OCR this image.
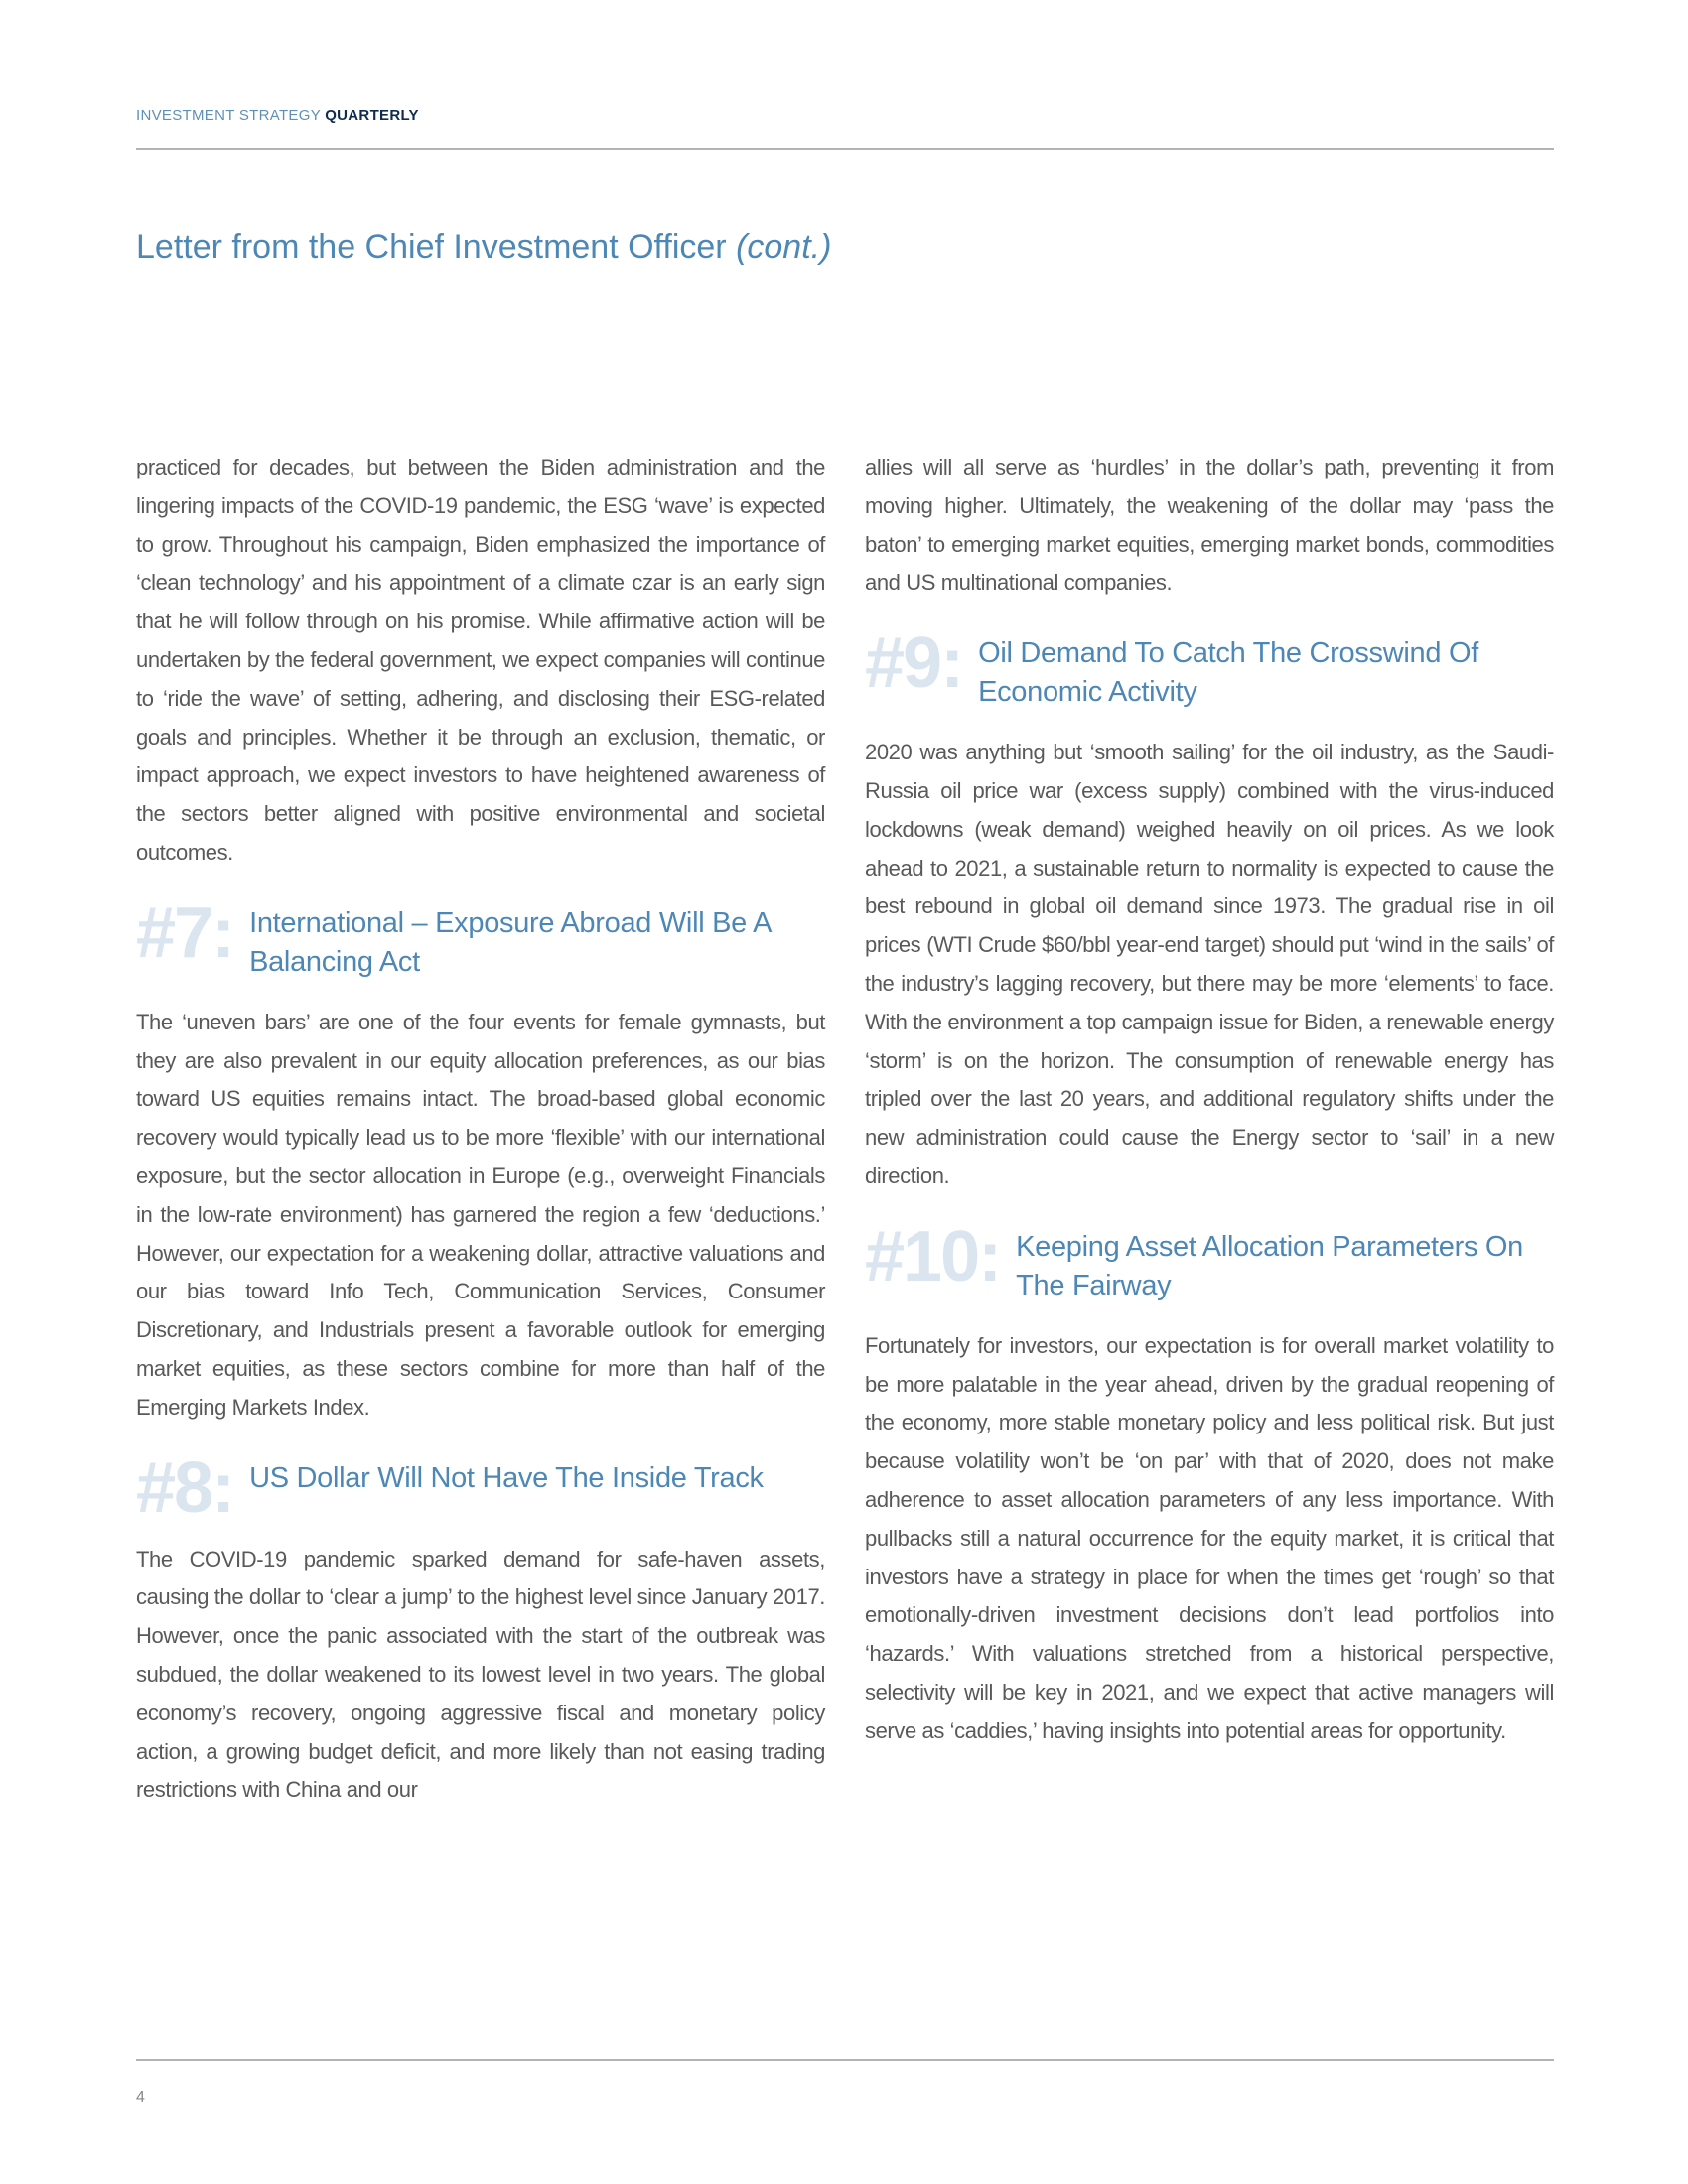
INVESTMENT STRATEGY QUARTERLY
Letter from the Chief Investment Officer (cont.)

practiced for decades, but between the Biden administration and the lingering impacts of the COVID-19 pandemic, the ESG ‘wave’ is expected to grow. Throughout his campaign, Biden emphasized the importance of ‘clean technology’ and his appointment of a climate czar is an early sign that he will follow through on his promise. While affirmative action will be undertaken by the federal government, we expect companies will continue to ‘ride the wave’ of setting, adhering, and disclosing their ESG-related goals and principles. Whether it be through an exclusion, thematic, or impact approach, we expect investors to have heightened awareness of the sectors better aligned with positive environmental and societal outcomes.

#7: International – Exposure Abroad Will Be A Balancing Act

The ‘uneven bars’ are one of the four events for female gymnasts, but they are also prevalent in our equity allocation preferences, as our bias toward US equities remains intact. The broad-based global economic recovery would typically lead us to be more ‘flexible’ with our international exposure, but the sector allocation in Europe (e.g., overweight Financials in the low-rate environment) has garnered the region a few ‘deductions.’ However, our expectation for a weakening dollar, attractive valuations and our bias toward Info Tech, Communication Services, Consumer Discretionary, and Industrials present a favorable outlook for emerging market equities, as these sectors combine for more than half of the Emerging Markets Index.

#8: US Dollar Will Not Have The Inside Track

The COVID-19 pandemic sparked demand for safe-haven assets, causing the dollar to ‘clear a jump’ to the highest level since January 2017. However, once the panic associated with the start of the outbreak was subdued, the dollar weakened to its lowest level in two years. The global economy’s recovery, ongoing aggressive fiscal and monetary policy action, a growing budget deficit, and more likely than not easing trading restrictions with China and our

allies will all serve as ‘hurdles’ in the dollar’s path, preventing it from moving higher. Ultimately, the weakening of the dollar may ‘pass the baton’ to emerging market equities, emerging market bonds, commodities and US multinational companies.

#9: Oil Demand To Catch The Crosswind Of Economic Activity

2020 was anything but ‘smooth sailing’ for the oil industry, as the Saudi-Russia oil price war (excess supply) combined with the virus-induced lockdowns (weak demand) weighed heavily on oil prices. As we look ahead to 2021, a sustainable return to normality is expected to cause the best rebound in global oil demand since 1973. The gradual rise in oil prices (WTI Crude $60/bbl year-end target) should put ‘wind in the sails’ of the industry’s lagging recovery, but there may be more ‘elements’ to face. With the environment a top campaign issue for Biden, a renewable energy ‘storm’ is on the horizon. The consumption of renewable energy has tripled over the last 20 years, and additional regulatory shifts under the new administration could cause the Energy sector to ‘sail’ in a new direction.

#10: Keeping Asset Allocation Parameters On The Fairway

Fortunately for investors, our expectation is for overall market volatility to be more palatable in the year ahead, driven by the gradual reopening of the economy, more stable monetary policy and less political risk. But just because volatility won’t be ‘on par’ with that of 2020, does not make adherence to asset allocation parameters of any less importance. With pullbacks still a natural occurrence for the equity market, it is critical that investors have a strategy in place for when the times get ‘rough’ so that emotionally-driven investment decisions don’t lead portfolios into ‘hazards.’ With valuations stretched from a historical perspective, selectivity will be key in 2021, and we expect that active managers will serve as ‘caddies,’ having insights into potential areas for opportunity.

4
